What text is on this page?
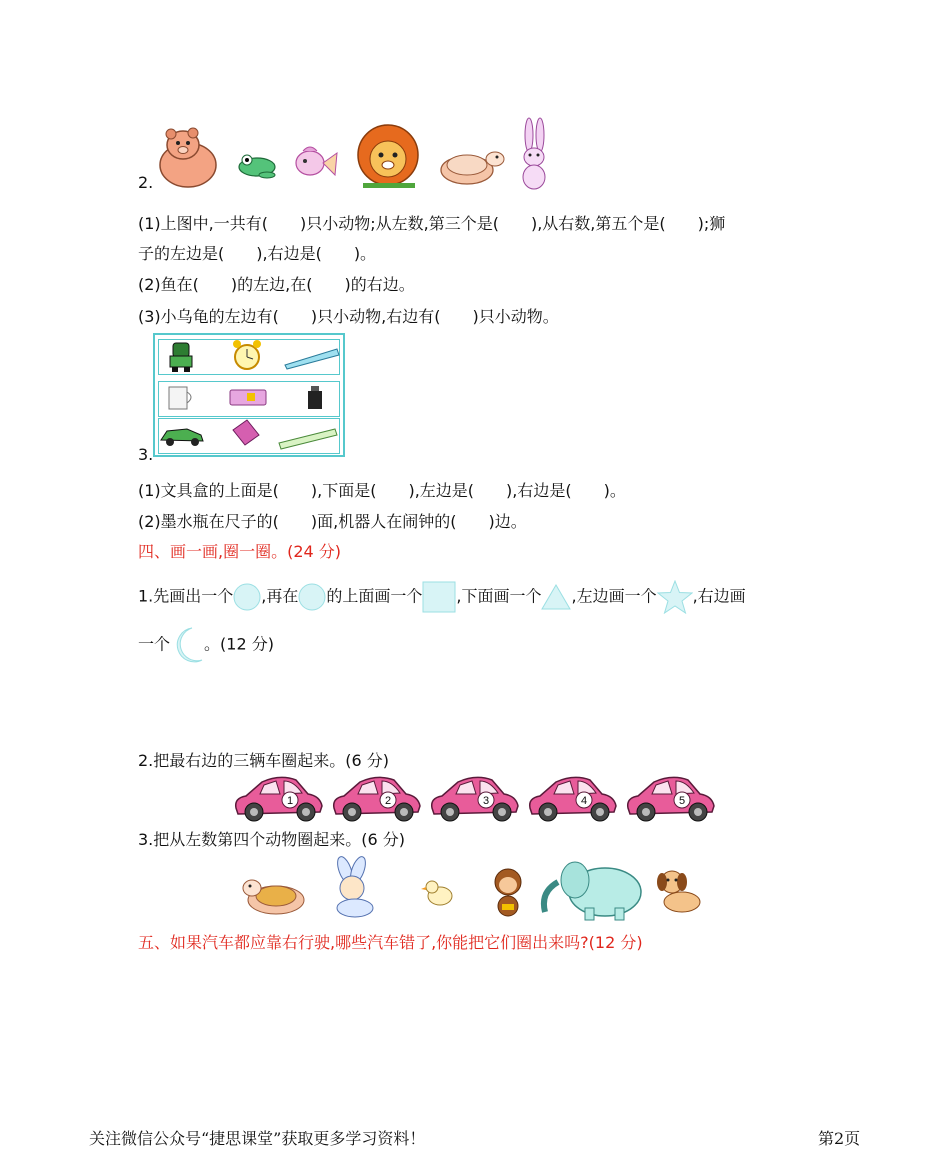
2.
(1)上图中,一共有(　　)只小动物;从左数,第三个是(　　),从右数,第五个是(　　);狮
子的左边是(　　),右边是(　　)。
(2)鱼在(　　)的左边,在(　　)的右边。
(3)小乌龟的左边有(　　)只小动物,右边有(　　)只小动物。
3.
(1)文具盒的上面是(　　),下面是(　　),左边是(　　),右边是(　　)。
(2)墨水瓶在尺子的(　　)面,机器人在闹钟的(　　)边。
四、画一画,圈一圈。(24 分)
1.先画出一个 ,再在 的上面画一个 ,下面画一个 ,左边画一个 ,右边画
一个 。(12 分)
2.把最右边的三辆车圈起来。(6 分)
1	2	3	4	5
3.把从左数第四个动物圈起来。(6 分)
五、如果汽车都应靠右行驶,哪些汽车错了,你能把它们圈出来吗?(12 分)
关注微信公众号“捷思课堂”获取更多学习资料！	第2页
